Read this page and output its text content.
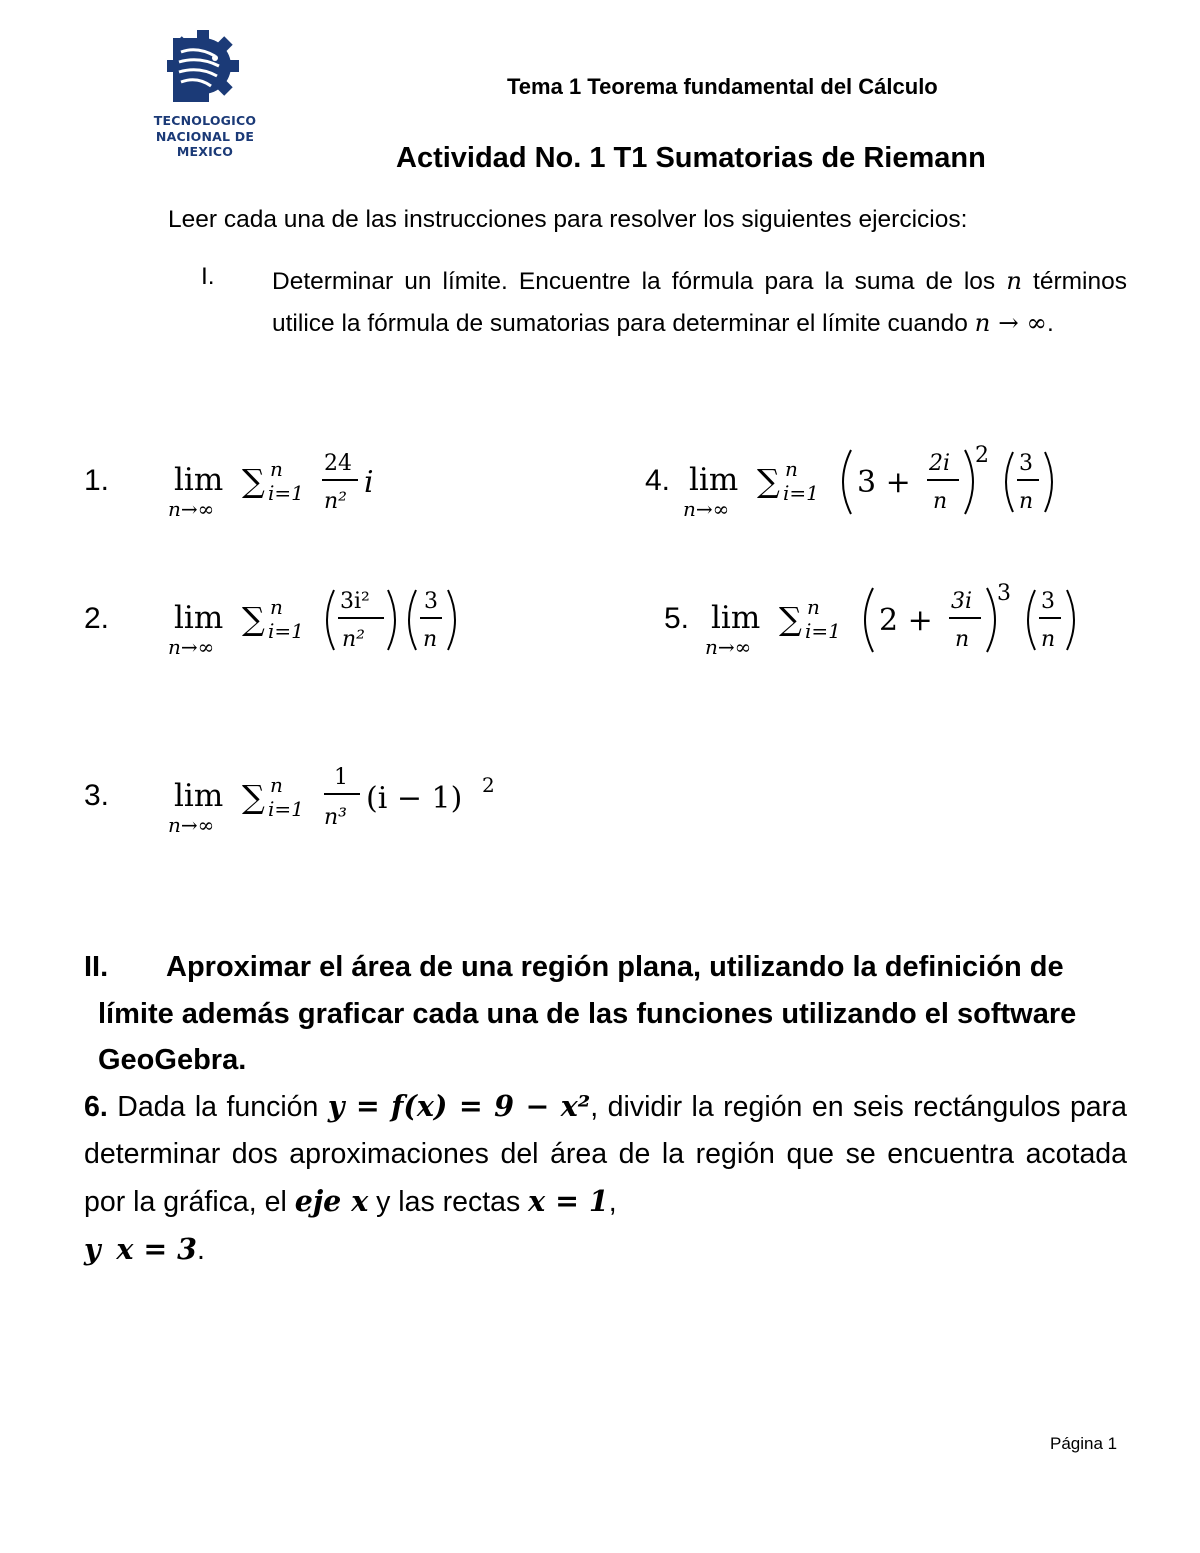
TECNOLOGICO
NACIONAL DE MEXICO
Tema 1 Teorema fundamental del Cálculo
Actividad No. 1 T1 Sumatorias de Riemann
Leer cada una de las instrucciones para resolver los siguientes ejercicios:
I. Determinar un límite. Encuentre la fórmula para la suma de los n términos utilice la fórmula de sumatorias para determinar el límite cuando n → ∞.
1. lim
n→∞
∑ n
i=1
24
n²
i
2. lim
n→∞
∑ n
i=1
3i²
n²
3
n
3. lim
n→∞
∑ n
i=1
1
n³
(i − 1) 2
4. lim
n→∞
∑ n
i=1 3 +
2i
n
2 3
n
5. lim
n→∞
∑ n
i=1 2 +
3i
n
3 3
n
II. Aproximar el área de una región plana, utilizando la definición de
límite además graficar cada una de las funciones utilizando el software
GeoGebra.
6. Dada la función y = f(x) = 9 − x², dividir la región en seis rectángulos para determinar dos aproximaciones del área de la región que se encuentra acotada por la gráfica, el eje x y las rectas x = 1,
y x = 3.
Página 1
